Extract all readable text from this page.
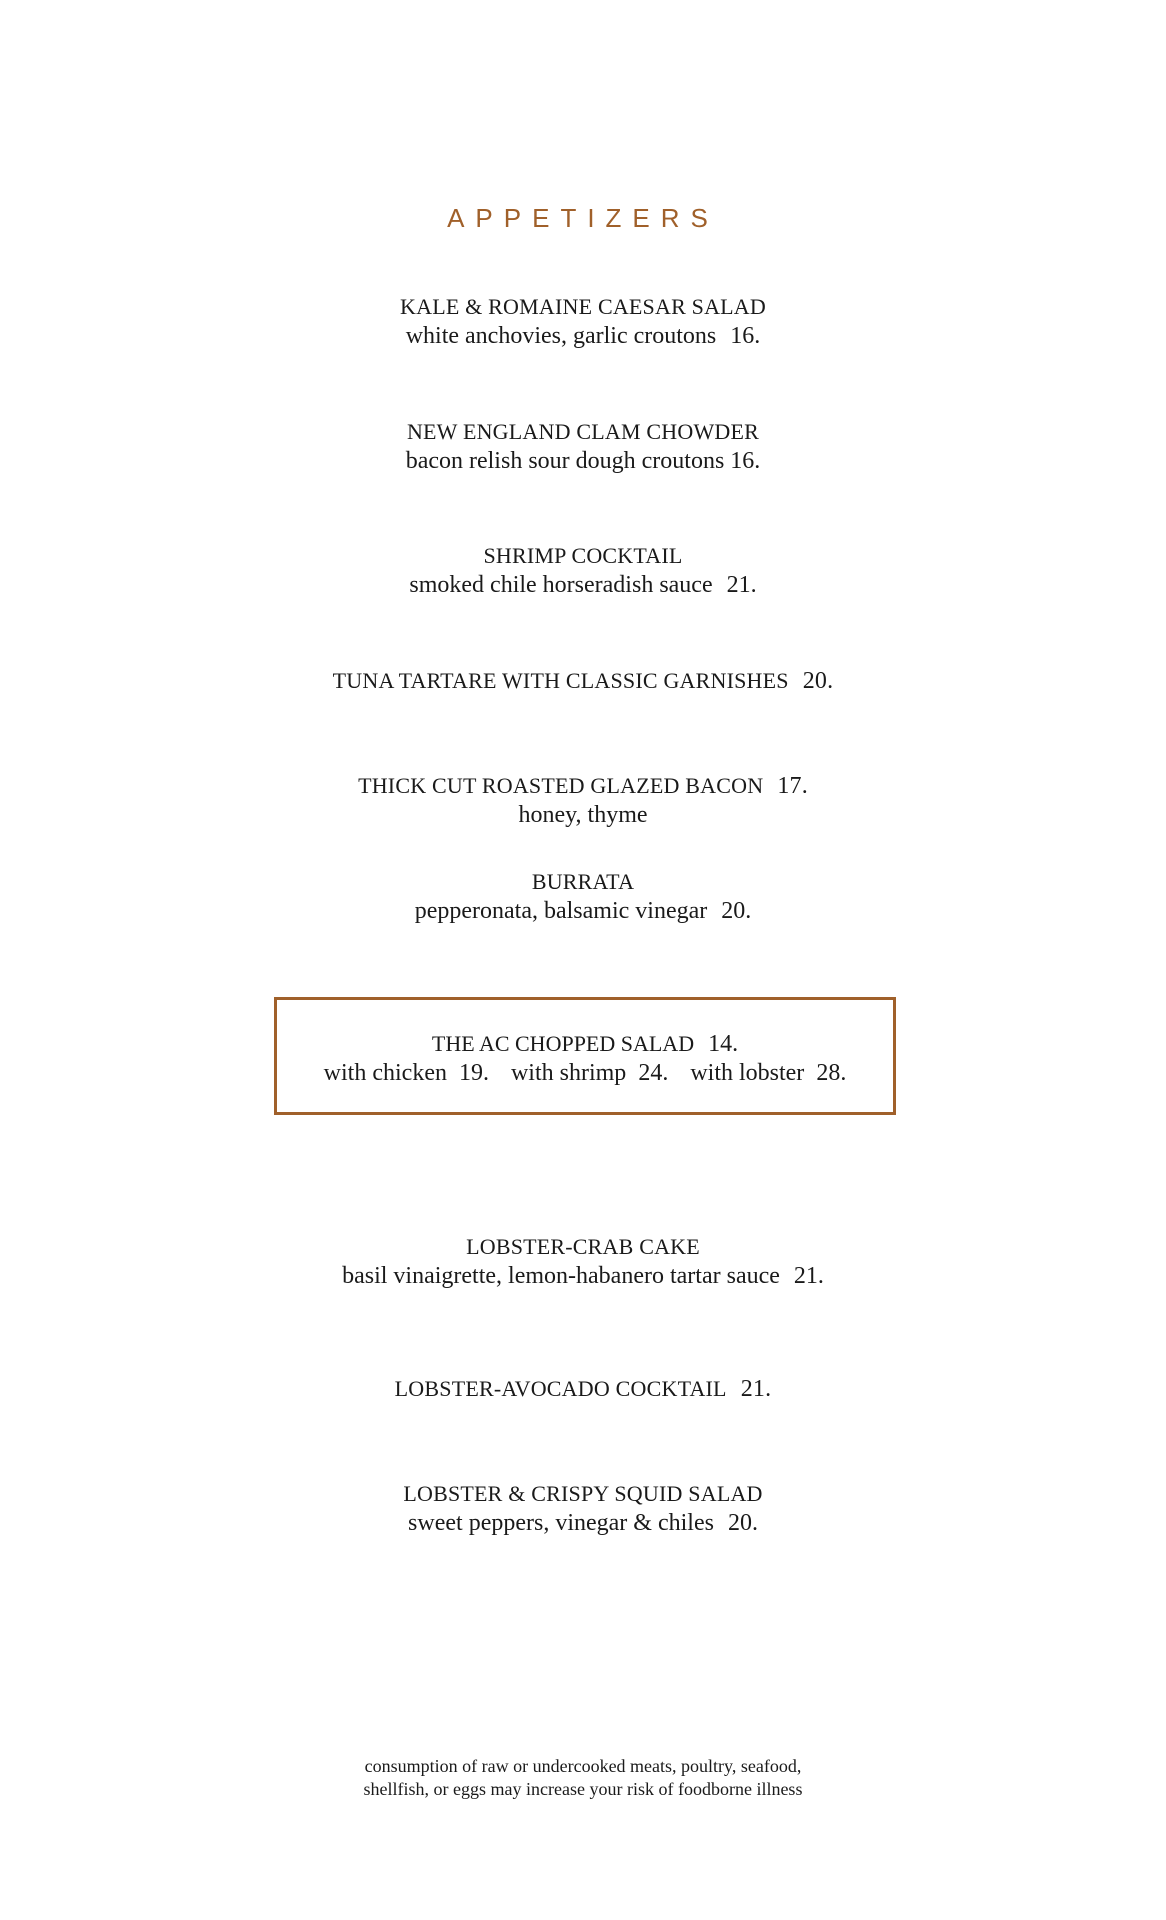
APPETIZERS
KALE & ROMAINE CAESAR SALAD
white anchovies, garlic croutons 16.
NEW ENGLAND CLAM CHOWDER
bacon relish sour dough croutons 16.
SHRIMP COCKTAIL
smoked chile horseradish sauce 21.
TUNA TARTARE WITH CLASSIC GARNISHES 20.
THICK CUT ROASTED GLAZED BACON 17.
honey, thyme
BURRATA
pepperonata, balsamic vinegar 20.
THE AC CHOPPED SALAD 14.
with chicken 19. with shrimp 24. with lobster 28.
LOBSTER-CRAB CAKE
basil vinaigrette, lemon-habanero tartar sauce 21.
LOBSTER-AVOCADO COCKTAIL 21.
LOBSTER & CRISPY SQUID SALAD
sweet peppers, vinegar & chiles 20.
consumption of raw or undercooked meats, poultry, seafood,
shellfish, or eggs may increase your risk of foodborne illness
